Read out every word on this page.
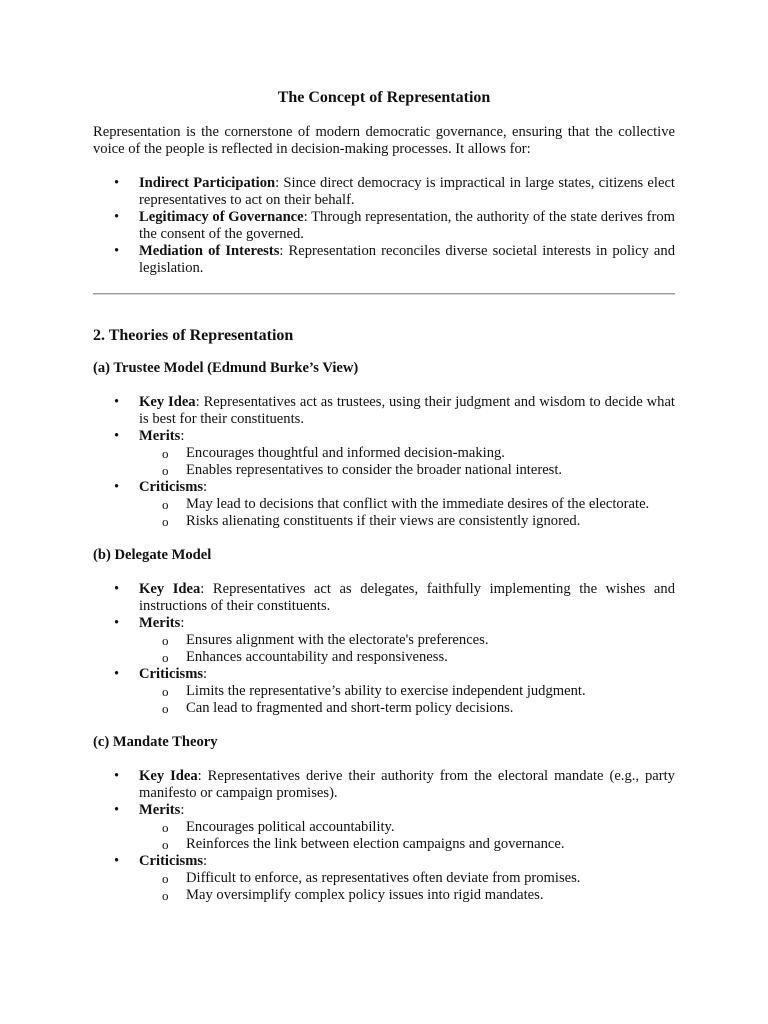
The Concept of Representation

Representation is the cornerstone of modern democratic governance, ensuring that the collective voice of the people is reflected in decision-making processes. It allows for:

• Indirect Participation: Since direct democracy is impractical in large states, citizens elect representatives to act on their behalf.
• Legitimacy of Governance: Through representation, the authority of the state derives from the consent of the governed.
• Mediation of Interests: Representation reconciles diverse societal interests in policy and legislation.
2. Theories of Representation
(a) Trustee Model (Edmund Burke’s View)
• Key Idea: Representatives act as trustees, using their judgment and wisdom to decide what is best for their constituents.
• Merits:
o Encourages thoughtful and informed decision-making.
o Enables representatives to consider the broader national interest.
• Criticisms:
o May lead to decisions that conflict with the immediate desires of the electorate.
o Risks alienating constituents if their views are consistently ignored.
(b) Delegate Model
• Key Idea: Representatives act as delegates, faithfully implementing the wishes and instructions of their constituents.
• Merits:
o Ensures alignment with the electorate's preferences.
o Enhances accountability and responsiveness.
• Criticisms:
o Limits the representative’s ability to exercise independent judgment.
o Can lead to fragmented and short-term policy decisions.
(c) Mandate Theory
• Key Idea: Representatives derive their authority from the electoral mandate (e.g., party manifesto or campaign promises).
• Merits:
o Encourages political accountability.
o Reinforces the link between election campaigns and governance.
• Criticisms:
o Difficult to enforce, as representatives often deviate from promises.
o May oversimplify complex policy issues into rigid mandates.
